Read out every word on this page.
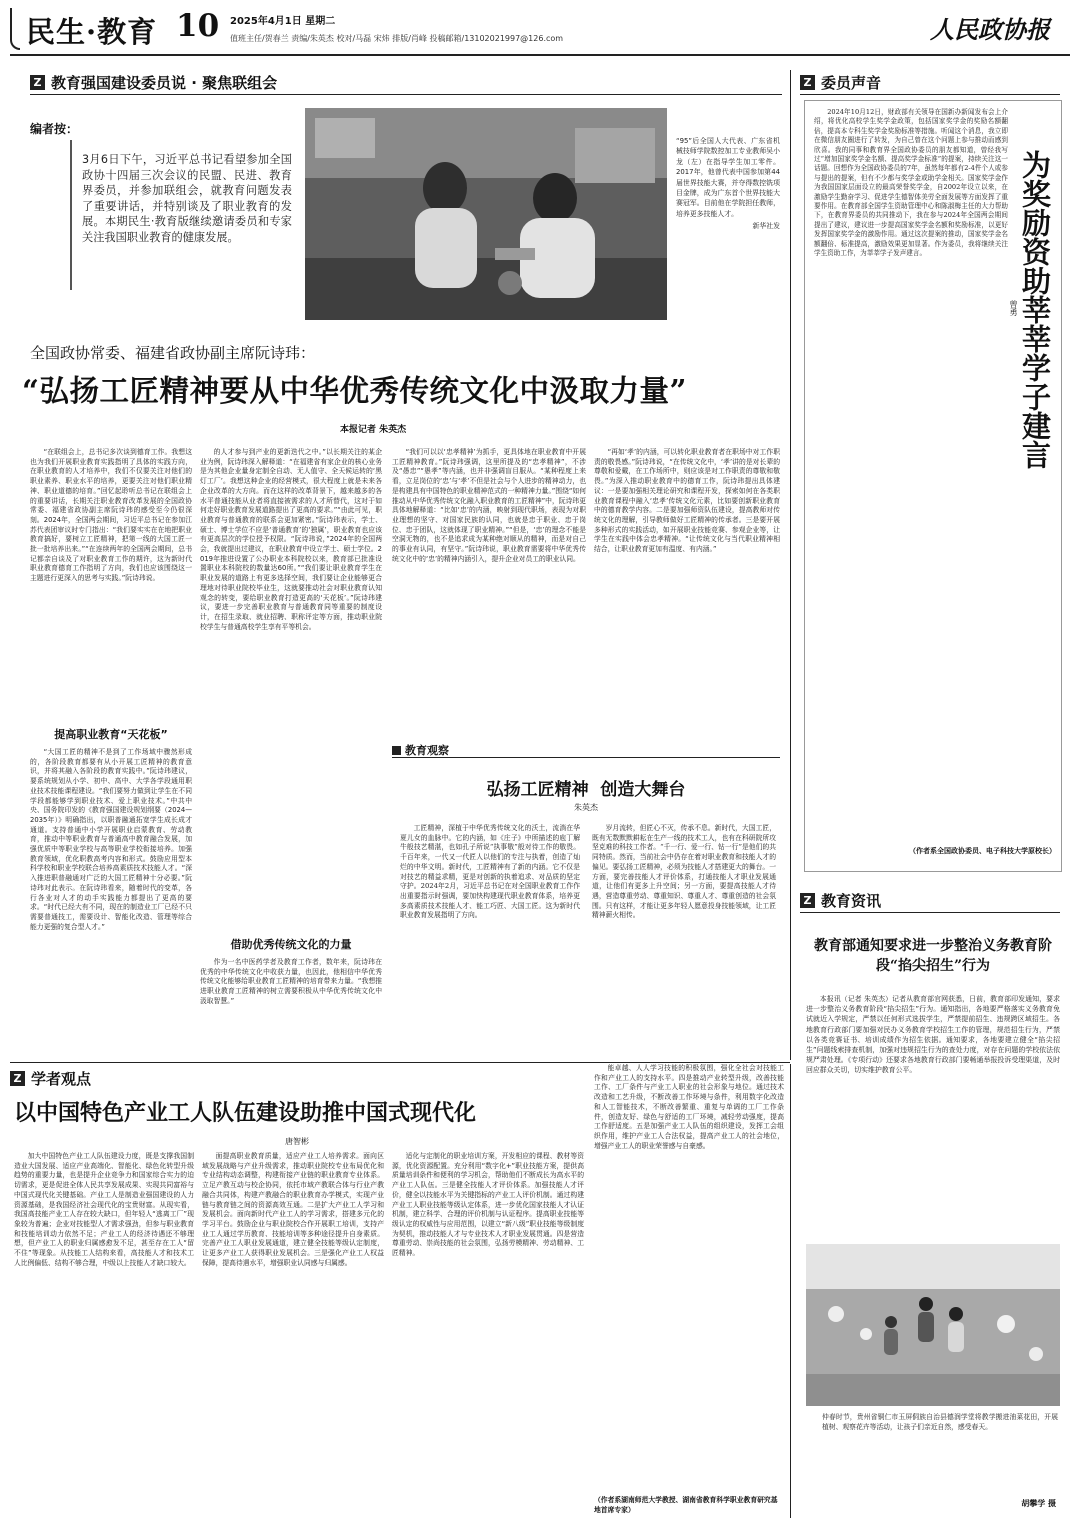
民生·教育 10 2025年4月1日 星期二
值班主任/贺春兰 责编/朱英杰 校对/马磊 宋炜 排版/肖峰 投稿邮箱/13102021997@126.com	人民政协报
Z 教育强国建设委员说 · 聚焦联组会
编者按：
3月6日下午，习近平总书记看望参加全国政协十四届三次会议的民盟、民进、教育界委员，并参加联组会，就教育问题发表了重要讲话，并特别谈及了职业教育的发展。本期民生·教育版继续邀请委员和专家关注我国职业教育的健康发展。
“95”后全国人大代表、广东省机械技师学院数控加工专业教师吴小龙（左）在指导学生加工零件。2017年，他曾代表中国参加第44届世界技能大赛，并夺得数控铣项目金牌，成为广东首个世界技能大赛冠军。目前他在学院担任教师，培养更多技能人才。
新华社发
全国政协常委、福建省政协副主席阮诗玮：
“弘扬工匠精神要从中华优秀传统文化中汲取力量”
本报记者 朱英杰

“在联组会上，总书记多次谈到德育工作。我想这也为我们开展职业教育实践指明了具体的实践方向，在职业教育的人才培养中，我们不仅要关注对他们的职业素养、职业水平的培养，更要关注对他们职业精神、职业道德的培育。”回忆起聆听总书记在联组会上的重要讲话，长期关注职业教育改革发展的全国政协常委、福建省政协副主席阮诗玮的感受至今仍很深刻。2024年，全国两会期间，习近平总书记在参加江苏代表团审议时专门指出：“我们要实实在在地把职业教育搞好，要树立工匠精神，把第一线的大国工匠一批一批培养出来。”“在连续两年的全国两会期间，总书记都亲自谈及了对职业教育工作的期许，这为新时代职业教育德育工作指明了方向，我们也应该围绕这一主题进行更深入的思考与实践。”阮诗玮说。

提高职业教育“天花板”

“大国工匠的精神不是到了工作场域中骤然形成的，各阶段教育都要有从小开展工匠精神的教育意识，并将其融入各阶段的教育实践中。”阮诗玮建议，要系统规划从小学、初中、高中、大学各学段通用职业技术技能课程建设。“我们要努力做到让学生在不同学段都能够学到职业技术、爱上职业技术。”中共中央、国务院印发的《教育强国建设规划纲要（2024—2035年）》明确指出，以职普融通拓宽学生成长成才通道。支持普通中小学开展职业启蒙教育、劳动教育，推动中等职业教育与普通高中教育融合发展，加强优质中等职业学校与高等职业学校衔接培养。加强教育领域，优化职教高考内容和形式。鼓励应用型本科学校和职业学校联合培养高素质技术技能人才。“深入推进职普融通对广泛的大国工匠精神十分必要。”阮诗玮对此表示。在阮诗玮看来，随着时代的变革，各行各业对人才的动手实践能力都提出了更高的要求。“时代已经大有不同，现在的制造业工厂已经不只需要普通技工，需要设计、智能化改造、管理等综合能力更强的复合型人才。”

的人才参与到产业的更新迭代之中。”以长期关注的某企业为例，阮诗玮深入解释道：“在福建省有家企业的核心业务是为其他企业量身定制全自动、无人值守、全天候运转的‘黑灯工厂’。我想这种企业的经营模式，很大程度上就是未来各企业改革的大方向。而在这样的改革背景下，越来越多的各水平普通技能从业者将直接被需求的人才所替代，这对于如何走好职业教育发展道路提出了更高的要求。”“由此可见，职业教育与普通教育的联系会更加紧密。”阮诗玮表示，学士、硕士、博士学位不应是‘普通教育’的‘独属’，职业教育也应该有更高层次的学位授予权限。“阮诗玮说，”2024年的全国两会，我就提出过建议，在职业教育中设立学士、硕士学位。2019年推进设置了公办职业本科院校以来，教育部已批准设置职业本科院校的数量达60所。”“我们要让职业教育学生在职业发展的道路上有更多选择空间，我们要让企业能够更合理地对待职业院校毕业生，这就要推动社会对职业教育认知观念的转变，要给职业教育打造更高的‘天花板’。”阮诗玮建议，要进一步完善职业教育与普通教育同等重要的制度设计，在招生录取、就业招聘、职称评定等方面，推动职业院校学生与普通高校学生享有平等机会。

借助优秀传统文化的力量

作为一名中医药学者及教育工作者，数年来，阮诗玮在优秀的中华传统文化中收获力量，也因此，他相信中华优秀传统文化能够给职业教育工匠精神的培育带来力量。“我想推进职业教育工匠精神的树立需要积极从中华优秀传统文化中汲取智慧。”

“我们可以以‘忠孝精神’为抓手，更具体地在职业教育中开展工匠精神教育。”阮诗玮强调，这里所提及的“忠孝精神”，不涉及“愚忠”“愚孝”等内涵，也并非强调盲目服从。“某种程度上来看，立足岗位的‘忠’与‘孝’不但是社会与个人进步的精神动力，也是构建具有中国特色的职业精神范式的一种精神力量。”围绕“如何推动从中华优秀传统文化融入职业教育的工匠精神”中，阮诗玮更具体地解释道：“比如‘忠’的内涵，映射到现代职场，表现为对职业理想的坚守、对国家民族的认同，也就是忠于职业、忠于岗位、忠于团队，这就体现了职业精神。”“但是，‘忠’的理念不能是空洞无物的，也不是追求成为某种绝对顺从的精神，而是对自己的事业有认同，有坚守。”阮诗玮说，职业教育需要将中华优秀传统文化中的‘忠’的精神内涵引入，提升企业对员工的职业认同。

“再如‘孝’的内涵，可以转化职业教育者在职场中对工作职责的敬畏感。”阮诗玮说，“在传统文化中，‘孝’讲的是对长辈的尊敬和爱戴，在工作场所中，则应该是对工作职责的尊敬和敬畏。”为深入推动职业教育中的德育工作，阮诗玮提出具体建议：一是要加强相关理论研究和课程开发，探索如何在各类职业教育课程中融入‘忠孝’传统文化元素，比如要创新职业教育中的德育教学内容。二是要加强师资队伍建设，提高教师对传统文化的理解，引导教师做好工匠精神的传承者。三是要开展多种形式的实践活动，如开展职业技能竞赛、参观企业等，让学生在实践中体会忠孝精神。“让传统文化与当代职业精神相结合，让职业教育更加有温度、有内涵。”

教育观察
弘扬工匠精神  创造大舞台
朱英杰

工匠精神，深植于中华优秀传统文化的沃土，流淌在华夏儿女的血脉中。它的内涵，如《庄子》中所描述的庖丁解牛般技艺精湛，也如孔子所说“执事敬”般对待工作的敬畏。千百年来，一代又一代匠人以他们的专注与执着，创造了灿烂的中华文明。新时代，工匠精神有了新的内涵。它不仅是对技艺的精益求精，更是对创新的执着追求、对品质的坚定守护。2024年2月，习近平总书记在对全国职业教育工作作出重要指示时强调，要加快构建现代职业教育体系，培养更多高素质技术技能人才、能工巧匠、大国工匠。这为新时代职业教育发展指明了方向。

岁月流转，但匠心不灭，传承不息。新时代，大国工匠，既有无数默默耕耘在生产一线的技术工人，也有在科研院所攻坚克难的科技工作者。“千一行、爱一行、钻一行”是他们的共同特质。然而，当前社会中仍存在着对职业教育和技能人才的偏见。要弘扬工匠精神，必须为技能人才搭建更大的舞台。一方面，要完善技能人才评价体系，打通技能人才职业发展通道，让他们有更多上升空间；另一方面，要提高技能人才待遇，营造尊重劳动、尊重知识、尊重人才、尊重创造的社会氛围。只有这样，才能让更多年轻人愿意投身技能领域，让工匠精神薪火相传。

Z 委员声音

2024年10月12日，财政部有关领导在国新办新闻发布会上介绍，将优化高校学生奖学金政策，包括国家奖学金的奖励名额翻倍，提高本专科生奖学金奖励标准等措施。听闻这个消息，我立即在微信朋友圈进行了转发，为自己曾在这个问题上参与推动而感到欣喜。我的同事和教育界全国政协委员的朋友都知道，曾经我写过“增加国家奖学金名额、提高奖学金标准”的提案，持续关注这一话题。回想作为全国政协委员的7年，虽然每年都有2-4件个人或参与提出的提案，但有不少都与奖学金或助学金相关。国家奖学金作为我国国家层面设立的最高荣誉奖学金，自2002年设立以来，在激励学生勤奋学习、促进学生德智体美劳全面发展等方面发挥了重要作用。在教育部全国学生资助管理中心和陈淑梅主任的大力帮助下，在教育界委员的共同推动下，我在参与2024年全国两会期间提出了建议，建议进一步提高国家奖学金名额和奖励标准，以更好发挥国家奖学金的激励作用。通过这次提案的推动，国家奖学金名额翻倍、标准提高，激励效果更加显著。作为委员，我将继续关注学生资助工作，为莘莘学子发声建言。	为奖励资助莘莘学子建言
曾勇
（作者系全国政协委员、电子科技大学原校长）
Z 教育资讯
教育部通知要求进一步整治义务教育阶段“掐尖招生”行为

本报讯（记者 朱英杰）记者从教育部官网获悉，日前，教育部印发通知，要求进一步整治义务教育阶段“掐尖招生”行为。通知指出，各地要严格落实义务教育免试就近入学规定，严禁以任何形式选拔学生，严禁提前招生、违规跨区域招生。各地教育行政部门要加强对民办义务教育学校招生工作的管理，规范招生行为，严禁以各类竞赛证书、培训成绩作为招生依据。通知要求，各地要建立健全“掐尖招生”问题线索排查机制，加强对违规招生行为的查处力度，对存在问题的学校依法依规严肃处理。《专项行动》还要求各地教育行政部门要畅通举报投诉受理渠道，及时回应群众关切，切实维护教育公平。

仲春时节，贵州省铜仁市玉屏侗族自治县德润学堂将教学搬进油菜花田，开展植树、观察花卉等活动，让孩子们亲近自然，感受春天。
胡攀学 摄
Z 学者观点
以中国特色产业工人队伍建设助推中国式现代化
唐智彬

加大中国特色产业工人队伍建设力度，既是支撑我国制造业大国发展、适应产业高端化、智能化、绿色化转型升级趋势的重要力量，也是提升企业竞争力和国家综合实力的迫切需求，更是促进全体人民共享发展成果、实现共同富裕与中国式现代化关键基础。产业工人是制造业强国建设的人力资源基础，是我国经济社会现代化的宝贵财富。从现实看，我国高技能产业工人存在较大缺口，但年轻人“逃离工厂”现象较为普遍；企业对技能型人才需求强劲，但参与职业教育和技能培训动力依然不足；产业工人的经济待遇还不够理想，但产业工人的职业归属感愈发不足，甚至存在工人“留不住”等现象。从技能工人结构来看，高技能人才和技术工人比例偏低、结构不够合理，中级以上技能人才缺口较大。

面提高职业教育质量，适应产业工人培养需求。面向区域发展战略与产业升级需求，推动职业院校专业布局优化和专业结构动态调整，构建衔接产业链的职业教育专业体系。立足产教互动与校企协同，依托市域产教联合体与行业产教融合共同体，构建产教融合的职业教育办学模式，实现产业链与教育链之间的资源高效互通。二是扩大产业工人学习和发展机会。面向新时代产业工人的学习需求，搭建多元化的学习平台。鼓励企业与职业院校合作开展职工培训，支持产业工人通过学历教育、技能培训等多种途径提升自身素质。完善产业工人职业发展通道，建立健全技能等级认定制度，让更多产业工人获得职业发展机会。三是强化产业工人权益保障，提高待遇水平，增强职业认同感与归属感。

适化与定制化的职业培训方案，开发相应的课程、教材等资源，优化资源配置。充分利用“数字化+”职业技能方案，提供高质量培训条件和便利的学习机会，帮助他们不断成长为高水平的产业工人队伍。三是健全技能人才评价体系。加强技能人才评价，健全以技能水平为关键指标的产业工人评价机制。通过构建产业工人职业技能等级认定体系，进一步优化国家技能人才认证机制，建立科学、合理的评价机制与认证程序。提高职业技能等级认定的权威性与应用范围，以建立“新八级”职业技能等级制度为契机，推动技能人才与专业技术人才职业发展贯通。四是营造尊重劳动、崇尚技能的社会氛围，弘扬劳模精神、劳动精神、工匠精神。

能卓越、人人学习技能的积极氛围，强化全社会对技能工作和产业工人的支持水平。四是推动产业转型升级，改善技能工作、工厂条件与产业工人职业的社会形象与地位。通过技术改造和工艺升级，不断改善工作环境与条件，利用数字化改造和人工智能技术，不断改善繁重、重复与单调的工厂工作条件，创造友好、绿色与舒适的工厂环境，减轻劳动强度，提高工作舒适度。五是加强产业工人队伍的组织建设，发挥工会组织作用，维护产业工人合法权益，提高产业工人的社会地位，增强产业工人的职业荣誉感与自豪感。

（作者系湖南师范大学教授、湖南省教育科学职业教育研究基地首席专家）
